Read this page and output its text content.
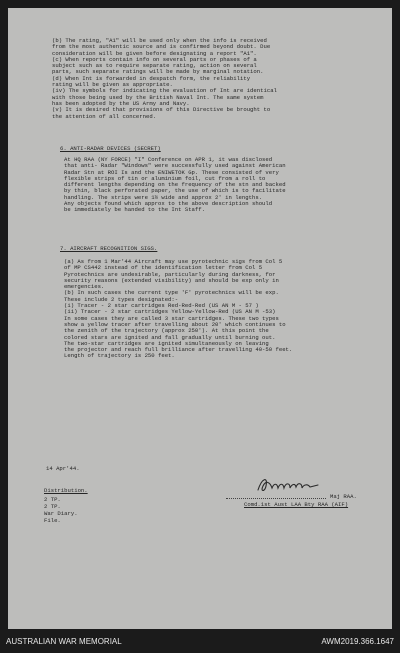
(b) The rating, "A1" will be used only when the info is received
from the most authentic source and is confirmed beyond doubt. Due
consideration will be given before designating a report "A1".
(c) When reports contain info on several parts or phases of a
subject such as to require separate rating, action on several
parts, such separate ratings will be made by marginal notation.
(d) When Int is forwarded in despatch form, the reliability
rating will be given as appropriate.
(iv) The symbols for indicating the evaluation of Int are identical
with those being used by the British Naval Int. The same system
has been adopted by the US Army and Navy.
(v) It is desired that provisions of this Directive be brought to
the attention of all concerned.
6. ANTI-RADAR DEVICES (SECRET)
At HQ RAA (NY FORCE) "I" Conference on APR 1, it was disclosed
that anti- Radar "Windows" were successfully used against American
Radar Stn at ROI Is and the ENIWETOK Gp. These consisted of very
flexible strips of tin or aluminium foil, cut from a roll to
different lengths depending on the frequency of the stn and backed
by thin, black perforated paper, the use of which is to facilitate
handling. The strips were 1½ wide and approx 2' in lengths.
Any objects found which approx to the above description should
be immediately be handed to the Int Staff.
7. AIRCRAFT RECOGNITION SIGS.
(a) As from 1 Mar'44 Aircraft may use pyrotechnic sigs from Col 5
of MP CS442 instead of the identification letter from Col 5
Pyrotechnics are undesirable, particularly during darkness, for
security reasons (extended visibility) and should be exp only in
emergencies.
(b) In such cases the current type 'F' pyrotechnics will be exp.
These include 2 types designated:-
(i) Tracer - 2 star cartridges Red-Red-Red (US AN M - 57 )
(ii) Tracer - 2 star cartridges Yellow-Yellow-Red (US AN M -53)
In some cases they are called 3 star cartridges. These two types
show a yellow tracer after travelling about 20' which continues to
the zenith of the trajectory (approx 250'). At this point the
colored stars are ignited and fall gradually until burning out.
The two-star cartridges are ignited simultaneously on leaving
the projector and reach full brilliance after travelling 40-50 feet.
Length of trajectory is 250 feet.
14 Apr'44.
Distribution.
2 TP.
2 TP.
War Diary.
File.
Maj RAA.
Comd.1st Aust LAA Bty RAA (AIF)
AUSTRALIAN WAR MEMORIAL	AWM2019.366.1647
